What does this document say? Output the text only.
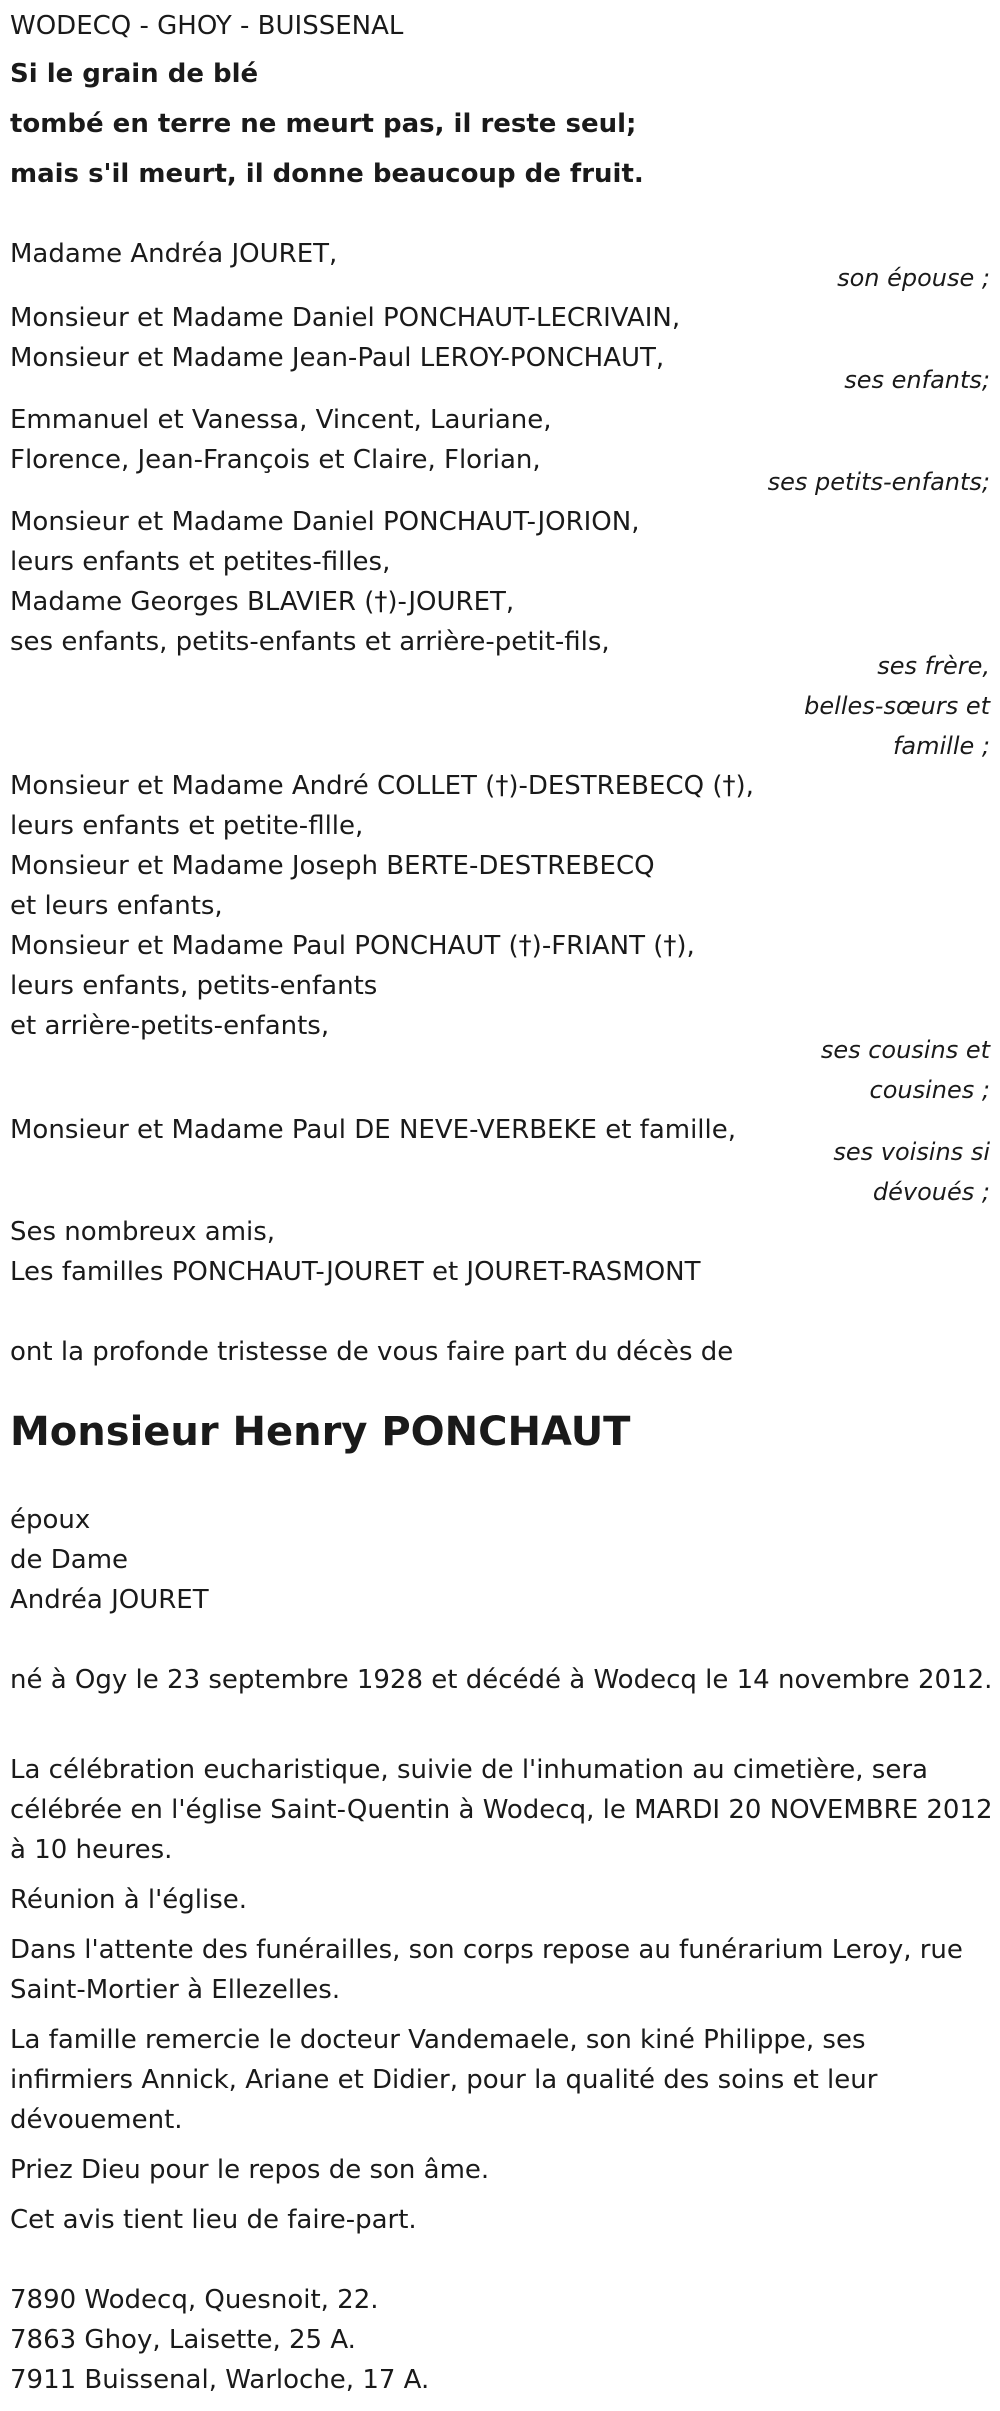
WODECQ - GHOY - BUISSENAL
Si le grain de blé
tombé en terre ne meurt pas, il reste seul;
mais s'il meurt, il donne beaucoup de fruit.
Madame Andréa JOURET,
son épouse ;
Monsieur et Madame Daniel PONCHAUT-LECRIVAIN,
Monsieur et Madame Jean-Paul LEROY-PONCHAUT,
ses enfants;
Emmanuel et Vanessa, Vincent, Lauriane,
Florence, Jean-François et Claire, Florian,
ses petits-enfants;
Monsieur et Madame Daniel PONCHAUT-JORION,
leurs enfants et petites-filles,
Madame Georges BLAVIER (†)-JOURET,
ses enfants, petits-enfants et arrière-petit-fils,
ses frère,
belles-sœurs et
famille ;
Monsieur et Madame André COLLET (†)-DESTREBECQ (†),
leurs enfants et petite-fllle,
Monsieur et Madame Joseph BERTE-DESTREBECQ
et leurs enfants,
Monsieur et Madame Paul PONCHAUT (†)-FRIANT (†),
leurs enfants, petits-enfants
et arrière-petits-enfants,
ses cousins et
cousines ;
Monsieur et Madame Paul DE NEVE-VERBEKE et famille,
ses voisins si
dévoués ;
Ses nombreux amis,
Les familles PONCHAUT-JOURET et JOURET-RASMONT
ont la profonde tristesse de vous faire part du décès de
Monsieur Henry PONCHAUT
époux
de Dame
Andréa JOURET
né à Ogy le 23 septembre 1928 et décédé à Wodecq le 14 novembre 2012.
La célébration eucharistique, suivie de l'inhumation au cimetière, sera célébrée en l'église Saint-Quentin à Wodecq, le MARDI 20 NOVEMBRE 2012 à 10 heures.
Réunion à l'église.
Dans l'attente des funérailles, son corps repose au funérarium Leroy, rue Saint-Mortier à Ellezelles.
La famille remercie le docteur Vandemaele, son kiné Philippe, ses infirmiers Annick, Ariane et Didier, pour la qualité des soins et leur dévouement.
Priez Dieu pour le repos de son âme.
Cet avis tient lieu de faire-part.
7890 Wodecq, Quesnoit, 22.
7863 Ghoy, Laisette, 25 A.
7911 Buissenal, Warloche, 17 A.
